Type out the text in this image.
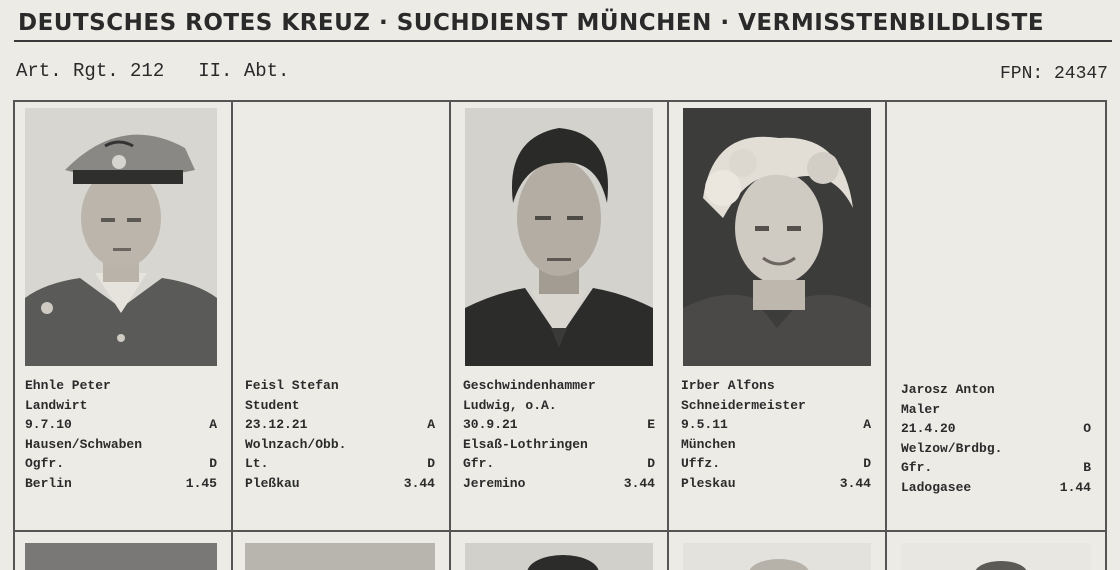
DEUTSCHES ROTES KREUZ · SUCHDIENST MÜNCHEN · VERMISSTENBILDLISTE
Art. Rgt. 212 II. Abt.	FPN: 24347
Ehnle Peter
Landwirt
9.7.10	A
Hausen/Schwaben
Ogfr.	D
Berlin	1.45
Feisl Stefan
Student
23.12.21	A
Wolnzach/Obb.
Lt.	D
Pleßkau	3.44
Geschwindenhammer
Ludwig, o.A.
30.9.21	E
Elsaß-Lothringen
Gfr.	D
Jeremino	3.44
Irber Alfons
Schneidermeister
9.5.11	A
München
Uffz.	D
Pleskau	3.44
Jarosz Anton
Maler
21.4.20	O
Welzow/Brdbg.
Gfr.	B
Ladogasee	1.44
